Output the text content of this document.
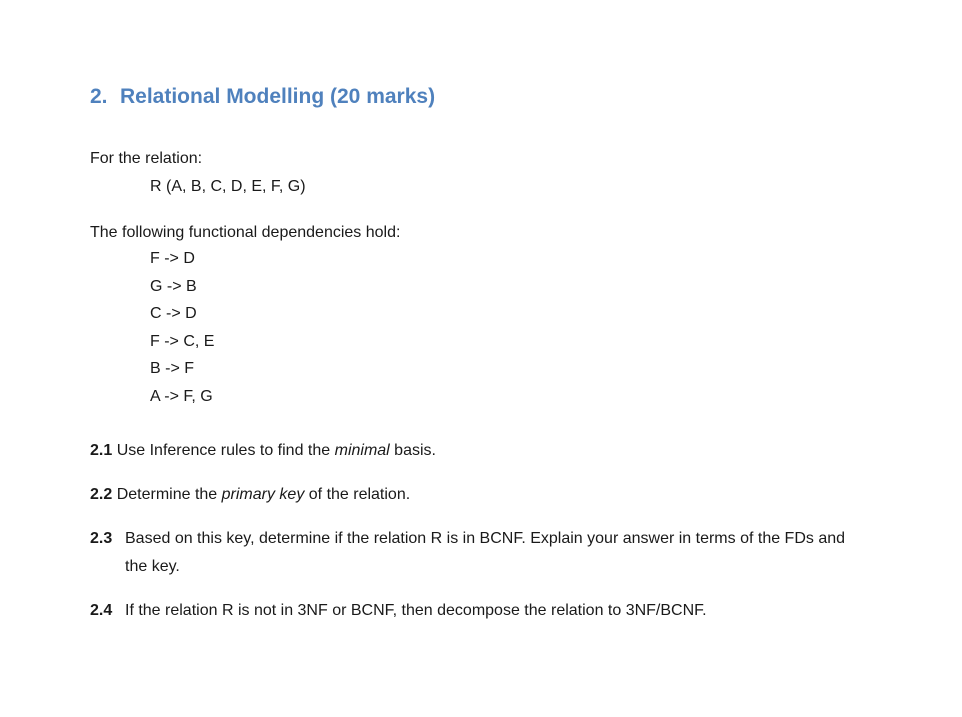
2. Relational Modelling (20 marks)
For the relation:
R (A, B, C, D, E, F, G)
The following functional dependencies hold:
F -> D
G -> B
C -> D
F -> C, E
B -> F
A -> F, G
2.1 Use Inference rules to find the minimal basis.
2.2 Determine the primary key of the relation.
2.3 Based on this key, determine if the relation R is in BCNF. Explain your answer in terms of the FDs and the key.
2.4 If the relation R is not in 3NF or BCNF, then decompose the relation to 3NF/BCNF.
